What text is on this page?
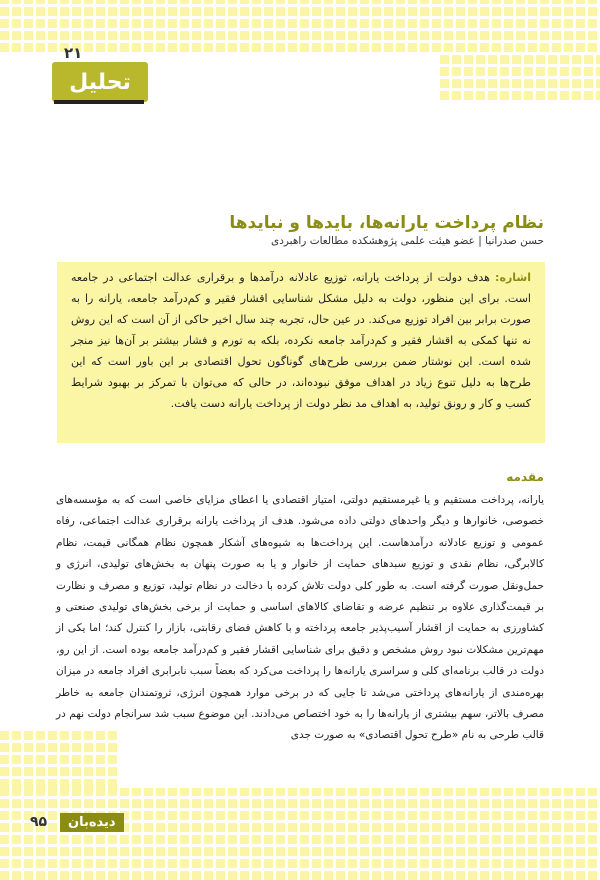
۲۱
تحلیل
نظام پرداخت یارانه‌ها، بایدها و نبایدها
حسن صدرانیا | عضو هیئت علمی پژوهشکده مطالعات راهبردی
اشاره: هدف دولت از پرداخت یارانه، توزیع عادلانه درآمدها و برقراری عدالت اجتماعی در جامعه است. برای این منظور، دولت به دلیل مشکل شناسایی اقشار فقیر و کم‌درآمد جامعه، یارانه را به صورت برابر بین افراد توزیع می‌کند. در عین حال، تجربه چند سال اخیر حاکی از آن است که این روش نه تنها کمکی به اقشار فقیر و کم‌درآمد جامعه نکرده، بلکه به تورم و فشار بیشتر بر آن‌ها نیز منجر شده است. این نوشتار ضمن بررسی طرح‌های گوناگون تحول اقتصادی بر این باور است که این طرح‌ها به دلیل تنوع زیاد در اهداف موفق نبوده‌اند، در حالی که می‌توان با تمرکز بر بهبود شرایط کسب و کار و رونق تولید، به اهداف مد نظر دولت از پرداخت یارانه دست یافت.
مقدمه

یارانه، پرداخت مستقیم و یا غیرمستقیم دولتی، امتیاز اقتصادی یا اعطای مزایای خاصی است که به مؤسسه‌های خصوصی، خانوارها و دیگر واحدهای دولتی داده می‌شود. هدف از پرداخت یارانه برقراری عدالت اجتماعی، رفاه عمومی و توزیع عادلانه درآمدهاست. این پرداخت‌ها به شیوه‌های آشکار همچون نظام همگانی قیمت، نظام کالابرگی، نظام نقدی و توزیع سبدهای حمایت از خانوار و یا به صورت پنهان به بخش‌های تولیدی، انرژی و حمل‌ونقل صورت گرفته است. به طور کلی دولت تلاش کرده با دخالت در نظام تولید، توزیع و مصرف و نظارت بر قیمت‌گذاری علاوه بر تنظیم عرضه و تقاضای کالاهای اساسی و حمایت از برخی بخش‌های تولیدی صنعتی و کشاورزی به حمایت از اقشار آسیب‌پذیر جامعه پرداخته و با کاهش فضای رقابتی، بازار را کنترل کند؛ اما یکی از مهم‌ترین مشکلات نبود روش مشخص و دقیق برای شناسایی اقشار فقیر و کم‌درآمد جامعه بوده است. از این رو، دولت در قالب برنامه‌ای کلی و سراسری یارانه‌ها را پرداخت می‌کرد که بعضاً سبب نابرابری افراد جامعه در میزان بهره‌مندی از یارانه‌های پرداختی می‌شد تا جایی که در برخی موارد همچون انرژی، ثروتمندان جامعه به خاطر مصرف بالاتر، سهم بیشتری از یارانه‌ها را به خود اختصاص می‌دادند. این موضوع سبب شد سرانجام دولت نهم در قالب طرحی به نام «طرح تحول اقتصادی» به صورت جدی

دیده‌بان
۹۵
